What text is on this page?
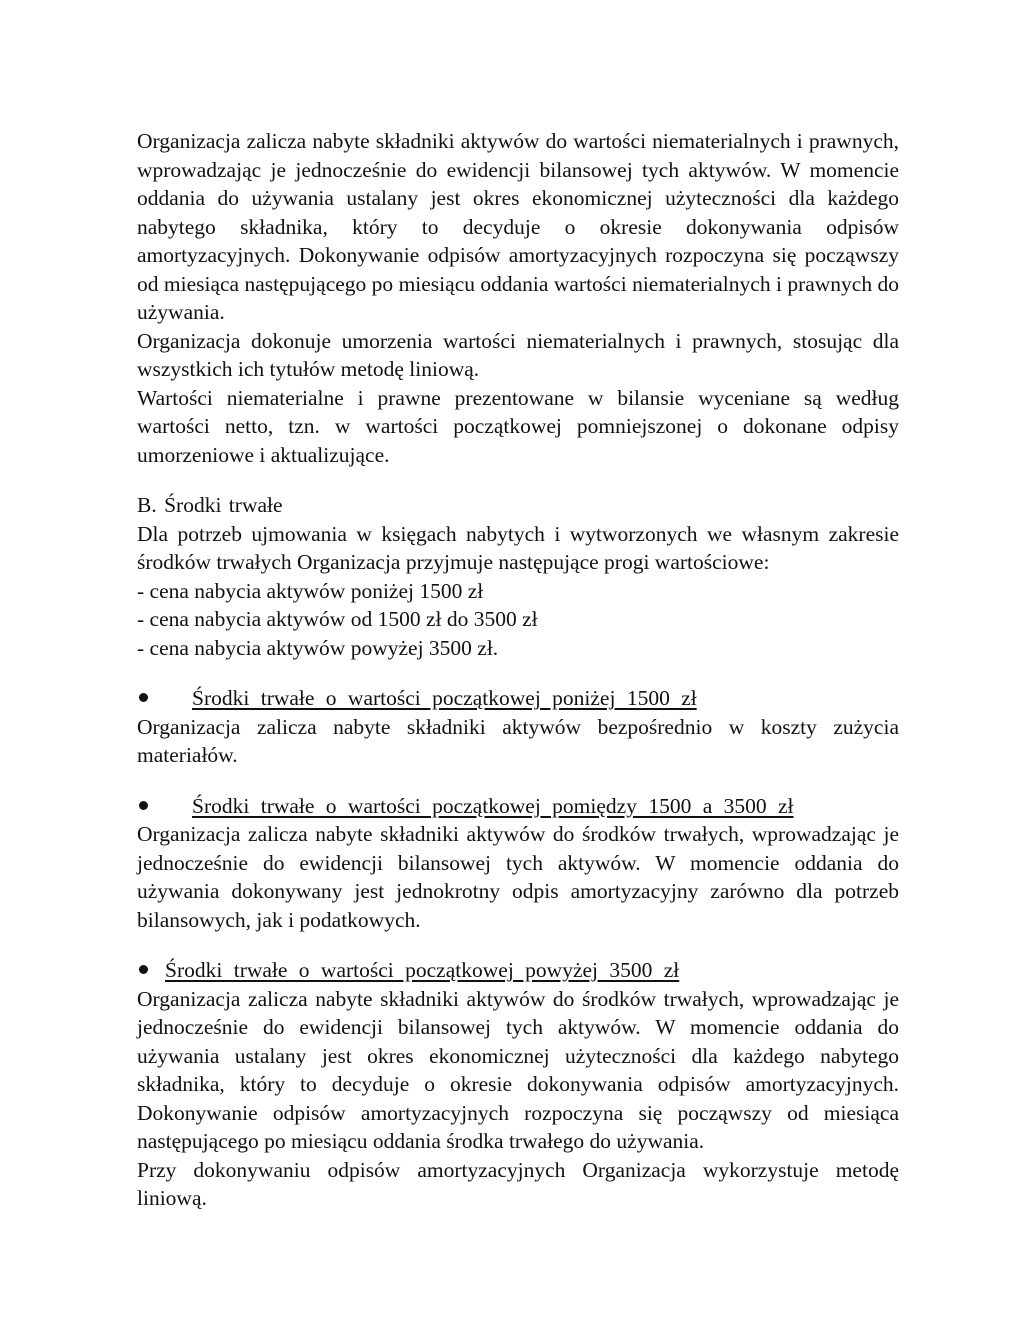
Organizacja zalicza nabyte składniki aktywów do wartości niematerialnych i prawnych, wprowadzając je jednocześnie do ewidencji bilansowej tych aktywów. W momencie oddania do używania ustalany jest okres ekonomicznej użyteczności dla każdego nabytego składnika, który to decyduje o okresie dokonywania odpisów amortyzacyjnych. Dokonywanie odpisów amortyzacyjnych rozpoczyna się począwszy od miesiąca następującego po miesiącu oddania wartości niematerialnych i prawnych do używania.

Organizacja dokonuje umorzenia wartości niematerialnych i prawnych, stosując dla wszystkich ich tytułów metodę liniową.

Wartości niematerialne i prawne prezentowane w bilansie wyceniane są według wartości netto, tzn. w wartości początkowej pomniejszonej o dokonane odpisy umorzeniowe i aktualizujące.

B. Środki trwałe

Dla potrzeb ujmowania w księgach nabytych i wytworzonych we własnym zakresie środków trwałych Organizacja przyjmuje następujące progi wartościowe:

- cena nabycia aktywów poniżej 1500 zł
- cena nabycia aktywów od 1500 zł do 3500 zł
- cena nabycia aktywów powyżej 3500 zł.
Środki trwałe o wartości początkowej poniżej 1500 zł

Organizacja zalicza nabyte składniki aktywów bezpośrednio w koszty zużycia materiałów.

Środki trwałe o wartości początkowej pomiędzy 1500 a 3500 zł

Organizacja zalicza nabyte składniki aktywów do środków trwałych, wprowadzając je jednocześnie do ewidencji bilansowej tych aktywów. W momencie oddania do używania dokonywany jest jednokrotny odpis amortyzacyjny zarówno dla potrzeb bilansowych, jak i podatkowych.

Środki trwałe o wartości początkowej powyżej 3500 zł

Organizacja zalicza nabyte składniki aktywów do środków trwałych, wprowadzając je jednocześnie do ewidencji bilansowej tych aktywów. W momencie oddania do używania ustalany jest okres ekonomicznej użyteczności dla każdego nabytego składnika, który to decyduje o okresie dokonywania odpisów amortyzacyjnych. Dokonywanie odpisów amortyzacyjnych rozpoczyna się począwszy od miesiąca następującego po miesiącu oddania środka trwałego do używania.

Przy dokonywaniu odpisów amortyzacyjnych Organizacja wykorzystuje metodę liniową.
